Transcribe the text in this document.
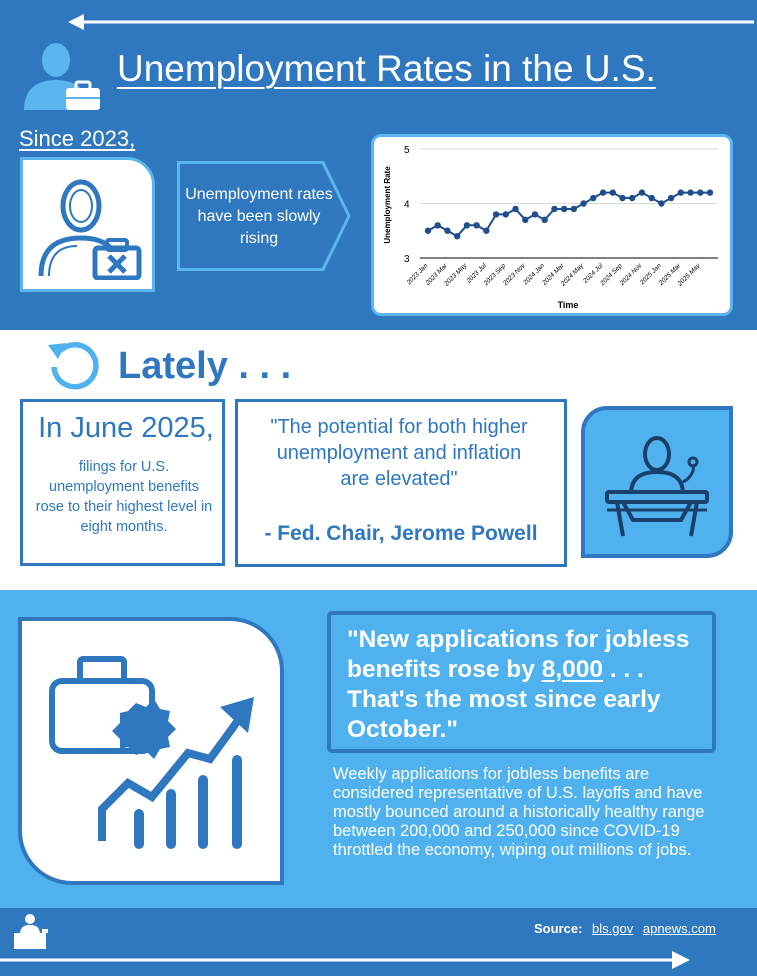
Unemployment Rates in the U.S.
Since 2023,
Unemployment rates have been slowly rising	Unemployment Rate
Time
3
4
5
2023 Jan
2023 Mar
2023 May
2023 Jul
2023 Sep
2023 Nov
2024 Jan
2024 Mar
2024 May
2024 Jul
2024 Sep
2024 Nov
2025 Jan
2025 Mar
2025 May
Lately . . .
In June 2025,
filings for U.S. unemployment benefits rose to their highest level in eight months.
"The potential for both higher unemployment and inflation are elevated"
- Fed. Chair, Jerome Powell
"New applications for jobless benefits rose by 8,000 . . . That's the most since early October."
Weekly applications for jobless benefits are considered representative of U.S. layoffs and have mostly bounced around a historically healthy range between 200,000 and 250,000 since COVID-19 throttled the economy, wiping out millions of jobs.
Source: bls.gov apnews.com
